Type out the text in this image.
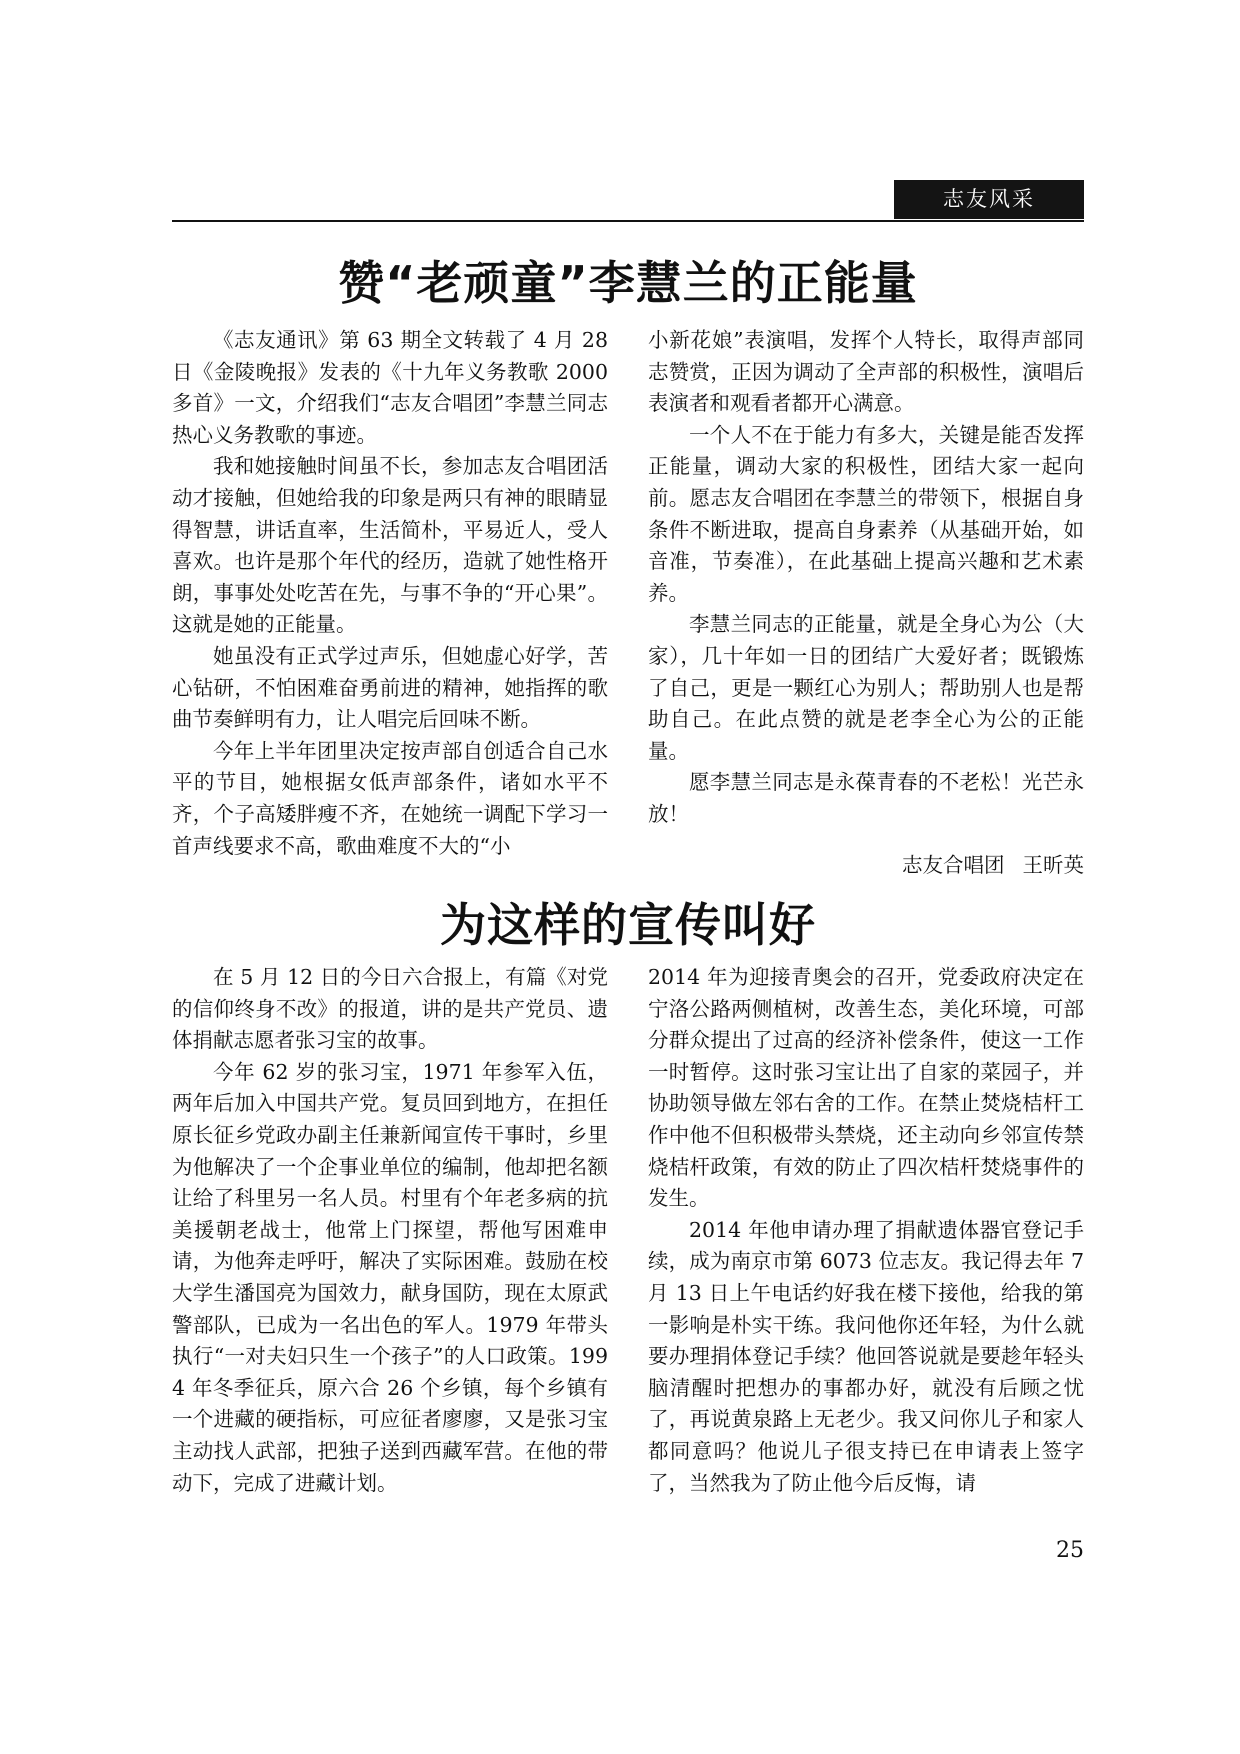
志友风采
赞“老顽童”李慧兰的正能量

《志友通讯》第 63 期全文转载了 4 月 28 日《金陵晚报》发表的《十九年义务教歌 2000 多首》一文，介绍我们“志友合唱团”李慧兰同志热心义务教歌的事迹。

我和她接触时间虽不长，参加志友合唱团活动才接触，但她给我的印象是两只有神的眼睛显得智慧，讲话直率，生活简朴，平易近人，受人喜欢。也许是那个年代的经历，造就了她性格开朗，事事处处吃苦在先，与事不争的“开心果”。这就是她的正能量。

她虽没有正式学过声乐，但她虚心好学，苦心钻研，不怕困难奋勇前进的精神，她指挥的歌曲节奏鲜明有力，让人唱完后回味不断。

今年上半年团里决定按声部自创适合自己水平的节目，她根据女低声部条件，诸如水平不齐，个子高矮胖瘦不齐，在她统一调配下学习一首声线要求不高，歌曲难度不大的“小

小新花娘”表演唱，发挥个人特长，取得声部同志赞赏，正因为调动了全声部的积极性，演唱后表演者和观看者都开心满意。

一个人不在于能力有多大，关键是能否发挥正能量，调动大家的积极性，团结大家一起向前。愿志友合唱团在李慧兰的带领下，根据自身条件不断进取，提高自身素养（从基础开始，如音准，节奏准），在此基础上提高兴趣和艺术素养。

李慧兰同志的正能量，就是全身心为公（大家），几十年如一日的团结广大爱好者；既锻炼了自己，更是一颗红心为别人；帮助别人也是帮助自己。在此点赞的就是老李全心为公的正能量。

愿李慧兰同志是永葆青春的不老松！光芒永放！

志友合唱团 王昕英
为这样的宣传叫好

在 5 月 12 日的今日六合报上，有篇《对党的信仰终身不改》的报道，讲的是共产党员、遗体捐献志愿者张习宝的故事。

今年 62 岁的张习宝，1971 年参军入伍，两年后加入中国共产党。复员回到地方，在担任原长征乡党政办副主任兼新闻宣传干事时，乡里为他解决了一个企事业单位的编制，他却把名额让给了科里另一名人员。村里有个年老多病的抗美援朝老战士，他常上门探望，帮他写困难申请，为他奔走呼吁，解决了实际困难。鼓励在校大学生潘国亮为国效力，献身国防，现在太原武警部队，已成为一名出色的军人。1979 年带头执行“一对夫妇只生一个孩子”的人口政策。1994 年冬季征兵，原六合 26 个乡镇，每个乡镇有一个进藏的硬指标，可应征者廖廖，又是张习宝主动找人武部，把独子送到西藏军营。在他的带动下，完成了进藏计划。

2014 年为迎接青奥会的召开，党委政府决定在宁洛公路两侧植树，改善生态，美化环境，可部分群众提出了过高的经济补偿条件，使这一工作一时暂停。这时张习宝让出了自家的菜园子，并协助领导做左邻右舍的工作。在禁止焚烧桔杆工作中他不但积极带头禁烧，还主动向乡邻宣传禁烧桔杆政策，有效的防止了四次桔杆焚烧事件的发生。

2014 年他申请办理了捐献遗体器官登记手续，成为南京市第 6073 位志友。我记得去年 7 月 13 日上午电话约好我在楼下接他，给我的第一影响是朴实干练。我问他你还年轻，为什么就要办理捐体登记手续？他回答说就是要趁年轻头脑清醒时把想办的事都办好，就没有后顾之忧了，再说黄泉路上无老少。我又问你儿子和家人都同意吗？他说儿子很支持已在申请表上签字了，当然我为了防止他今后反悔，请

25
